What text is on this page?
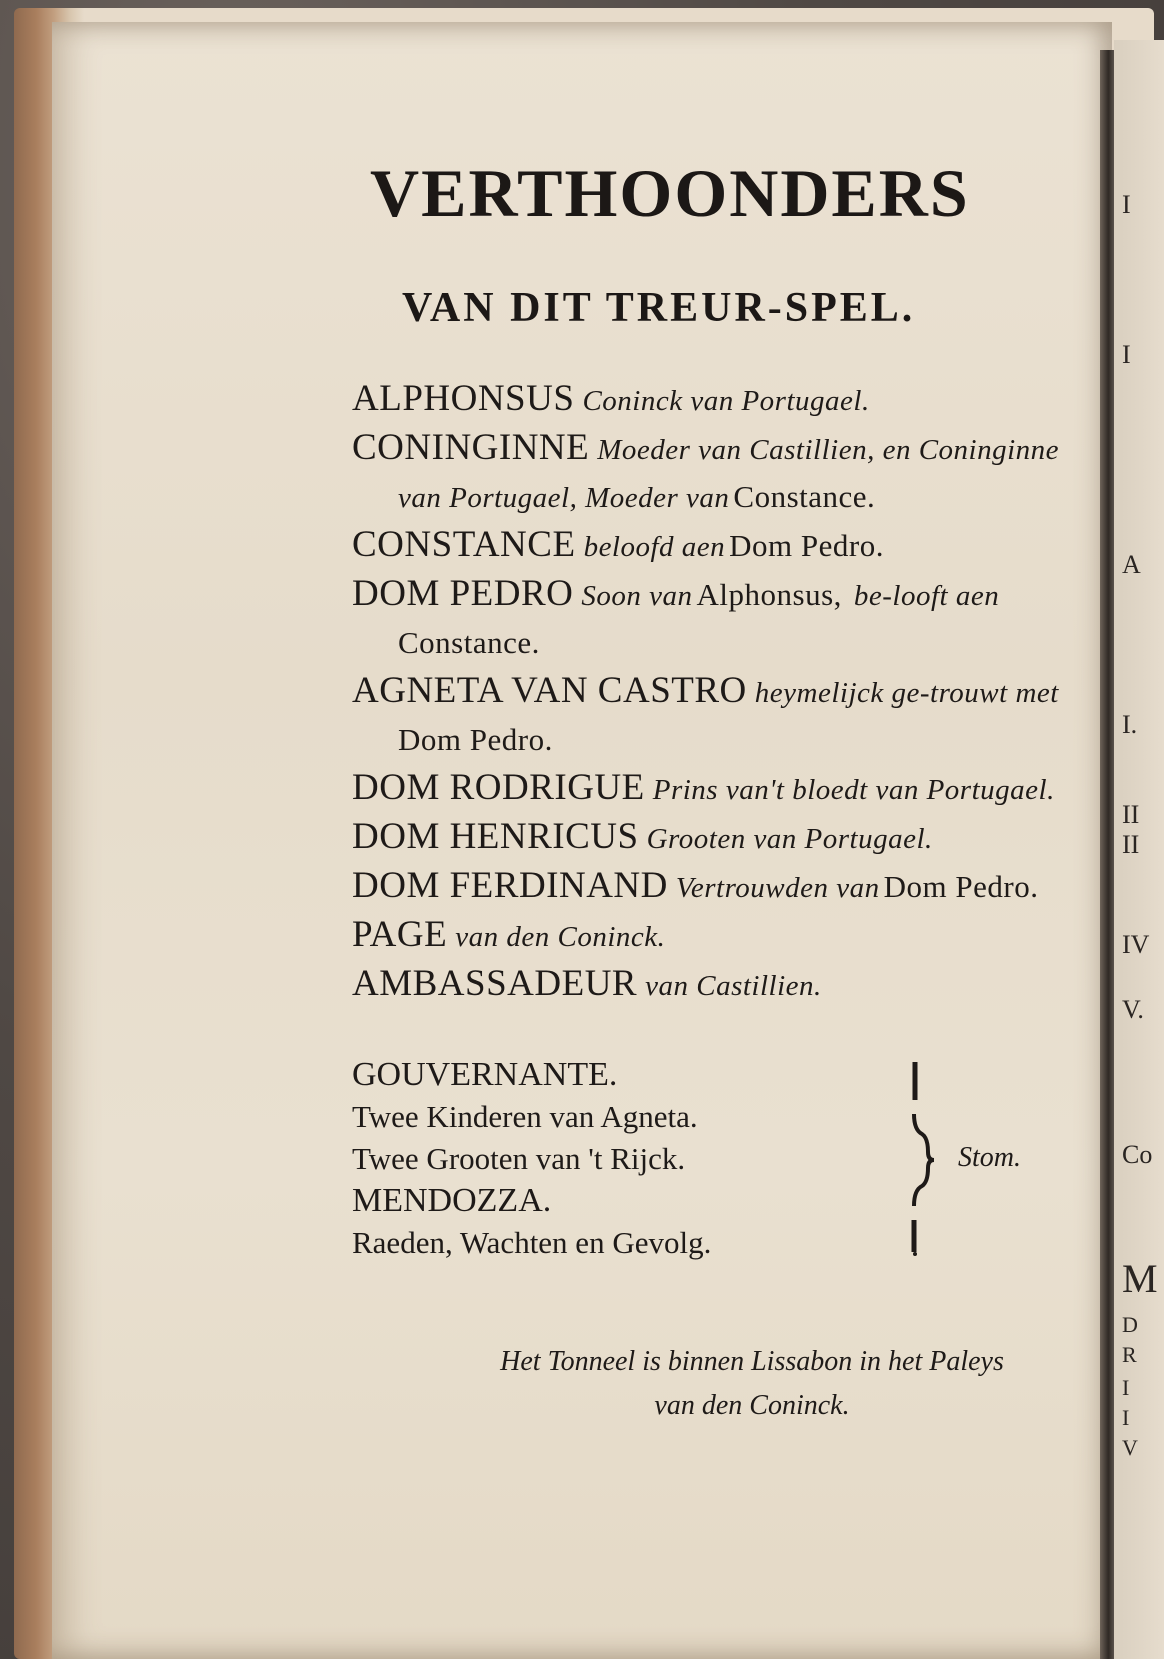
VERTHOONDERS
VAN DIT TREUR-SPEL.
ALPHONSUS Coninck van Portugael.
CONINGINNE Moeder van Castillien, en Coninginne van Portugael, Moeder van Constance.
CONSTANCE beloofd aen Dom Pedro.
DOM PEDRO Soon van Alphonsus, be-looft aen Constance.
AGNETA VAN CASTRO heymelijck ge-trouwt met Dom Pedro.
DOM RODRIGUE Prins van't bloedt van Portugael.
DOM HENRICUS Grooten van Portugael.
DOM FERDINAND Vertrouwden van Dom Pedro.
PAGE van den Coninck.
AMBASSADEUR van Castillien.
GOUVERNANTE.
Twee Kinderen van Agneta.
Twee Grooten van 't Rijck.
MENDOZZA.
Raeden, Wachten en Gevolg.
Stom.

Het Tonneel is binnen Lissabon in het Paleys
van den Coninck.

I
I
A
I.
II
II
IV
V.
Co
M
D
R
I
I
V
